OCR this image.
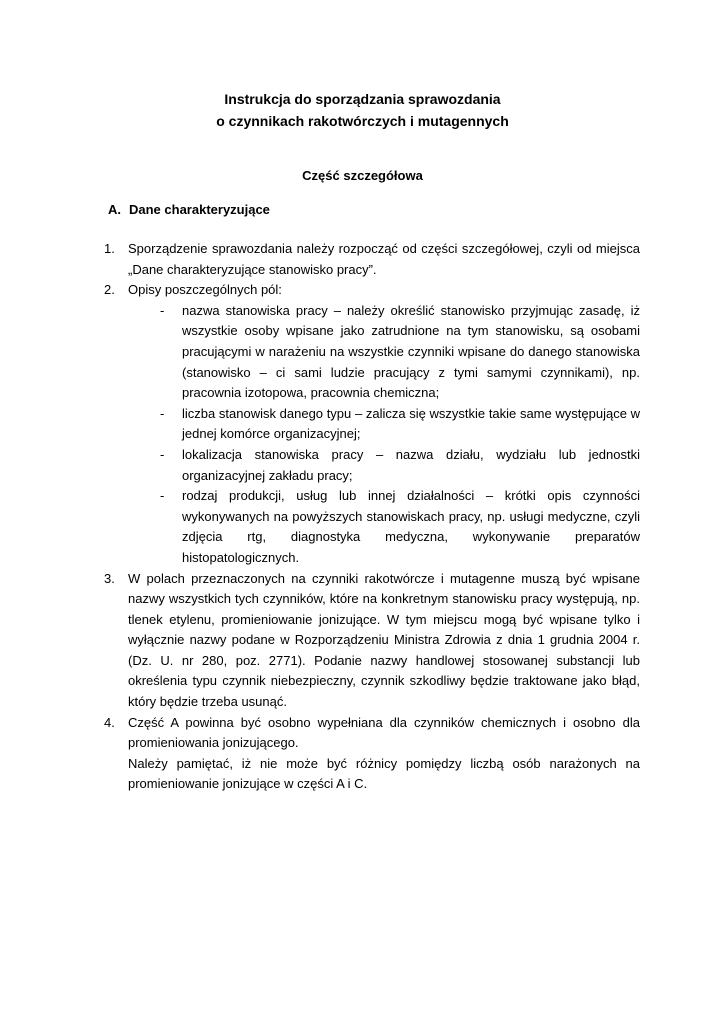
Instrukcja do sporządzania sprawozdania
o czynnikach rakotwórczych i mutagennych
Część szczegółowa
A. Dane charakteryzujące
1. Sporządzenie sprawozdania należy rozpocząć od części szczegółowej, czyli od miejsca „Dane charakteryzujące stanowisko pracy”.

2. Opisy poszczególnych pól:

- nazwa stanowiska pracy – należy określić stanowisko przyjmując zasadę, iż wszystkie osoby wpisane jako zatrudnione na tym stanowisku, są osobami pracującymi w narażeniu na wszystkie czynniki wpisane do danego stanowiska (stanowisko – ci sami ludzie pracujący z tymi samymi czynnikami), np. pracownia izotopowa, pracownia chemiczna;

- liczba stanowisk danego typu – zalicza się wszystkie takie same występujące w jednej komórce organizacyjnej;

- lokalizacja stanowiska pracy – nazwa działu, wydziału lub jednostki organizacyjnej zakładu pracy;

- rodzaj produkcji, usług lub innej działalności – krótki opis czynności wykonywanych na powyższych stanowiskach pracy, np. usługi medyczne, czyli zdjęcia rtg, diagnostyka medyczna, wykonywanie preparatów histopatologicznych.

3. W polach przeznaczonych na czynniki rakotwórcze i mutagenne muszą być wpisane nazwy wszystkich tych czynników, które na konkretnym stanowisku pracy występują, np. tlenek etylenu, promieniowanie jonizujące. W tym miejscu mogą być wpisane tylko i wyłącznie nazwy podane w Rozporządzeniu Ministra Zdrowia z dnia 1 grudnia 2004 r. (Dz. U. nr 280, poz. 2771). Podanie nazwy handlowej stosowanej substancji lub określenia typu czynnik niebezpieczny, czynnik szkodliwy będzie traktowane jako błąd, który będzie trzeba usunąć.

4. Część A powinna być osobno wypełniana dla czynników chemicznych i osobno dla promieniowania jonizującego.

Należy pamiętać, iż nie może być różnicy pomiędzy liczbą osób narażonych na promieniowanie jonizujące w części A i C.
